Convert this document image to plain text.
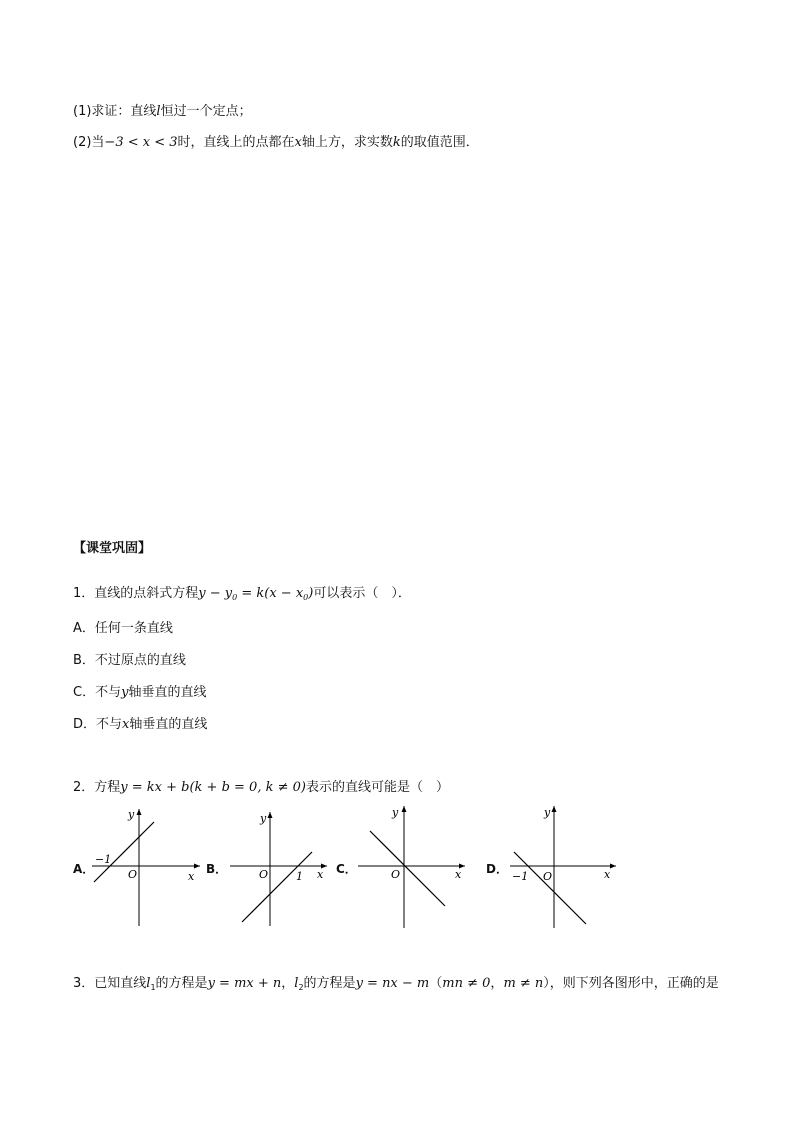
(1)求证：直线l恒过一个定点；
(2)当−3 < x < 3时，直线上的点都在x轴上方，求实数k的取值范围．
【课堂巩固】
1．直线的点斜式方程$y - y_0 = k(x - x_0)$可以表示（　）．
A．任何一条直线
B．不过原点的直线
C．不与y轴垂直的直线
D．不与x轴垂直的直线
2．方程y = kx + b(k + b = 0, k ≠ 0)表示的直线可能是（　）
A．	B．	C．	D．
y
x
O
−1
y
x
O	1
y
x
O
y
x
O
−1
3．已知直线$l_1$的方程是y = mx + n，$l_2$的方程是y = nx − m（mn ≠ 0，m ≠ n），则下列各图形中，正确的是
